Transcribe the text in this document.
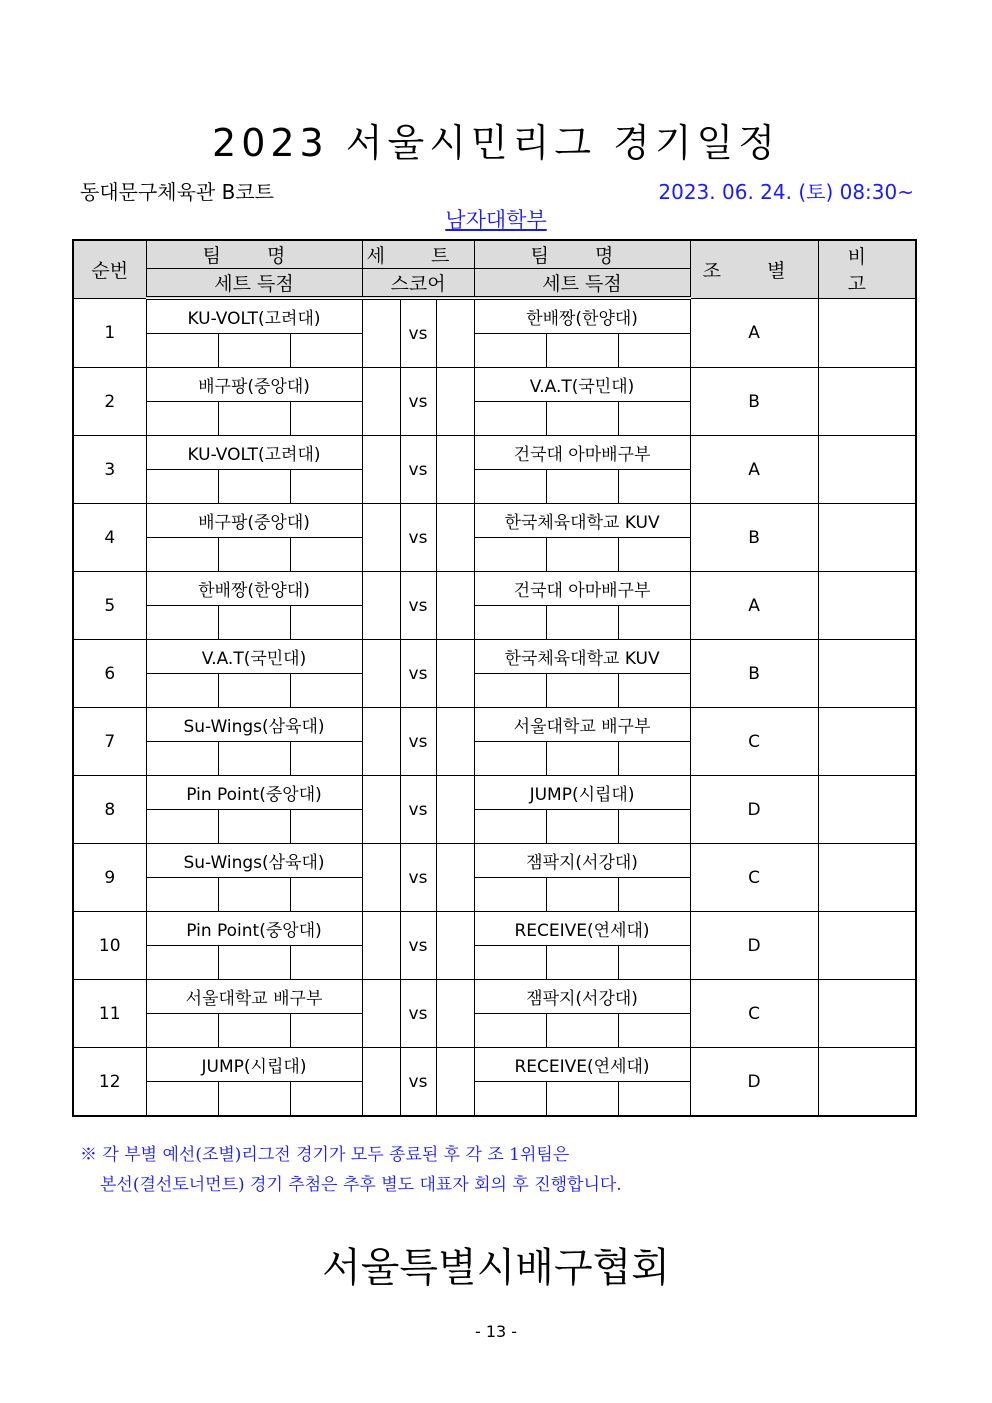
2023 서울시민리그 경기일정
동대문구체육관 B코트	2023. 06. 24. (토) 08:30~
남자대학부
순번	팀 명			세 트			팀 명			조 별	비 고
	세트 득점			스코어			세트 득점				
1	KU-VOLT(고려대)				vs		한배짱(한양대)			A	

2	배구팡(중앙대)				vs		V.A.T(국민대)			B	

3	KU-VOLT(고려대)				vs		건국대 아마배구부			A	

4	배구팡(중앙대)				vs		한국체육대학교 KUV			B	

5	한배짱(한양대)				vs		건국대 아마배구부			A	

6	V.A.T(국민대)				vs		한국체육대학교 KUV			B	

7	Su-Wings(삼육대)				vs		서울대학교 배구부			C	

8	Pin Point(중앙대)				vs		JUMP(시립대)			D	

9	Su-Wings(삼육대)				vs		잼팍지(서강대)			C	

10	Pin Point(중앙대)				vs		RECEIVE(연세대)			D	

11	서울대학교 배구부				vs		잼팍지(서강대)			C	

12	JUMP(시립대)				vs		RECEIVE(연세대)			D	

※ 각 부별 예선(조별)리그전 경기가 모두 종료된 후 각 조 1위팀은
본선(결선토너먼트) 경기 추첨은 추후 별도 대표자 회의 후 진행합니다.
서울특별시배구협회
- 13 -
